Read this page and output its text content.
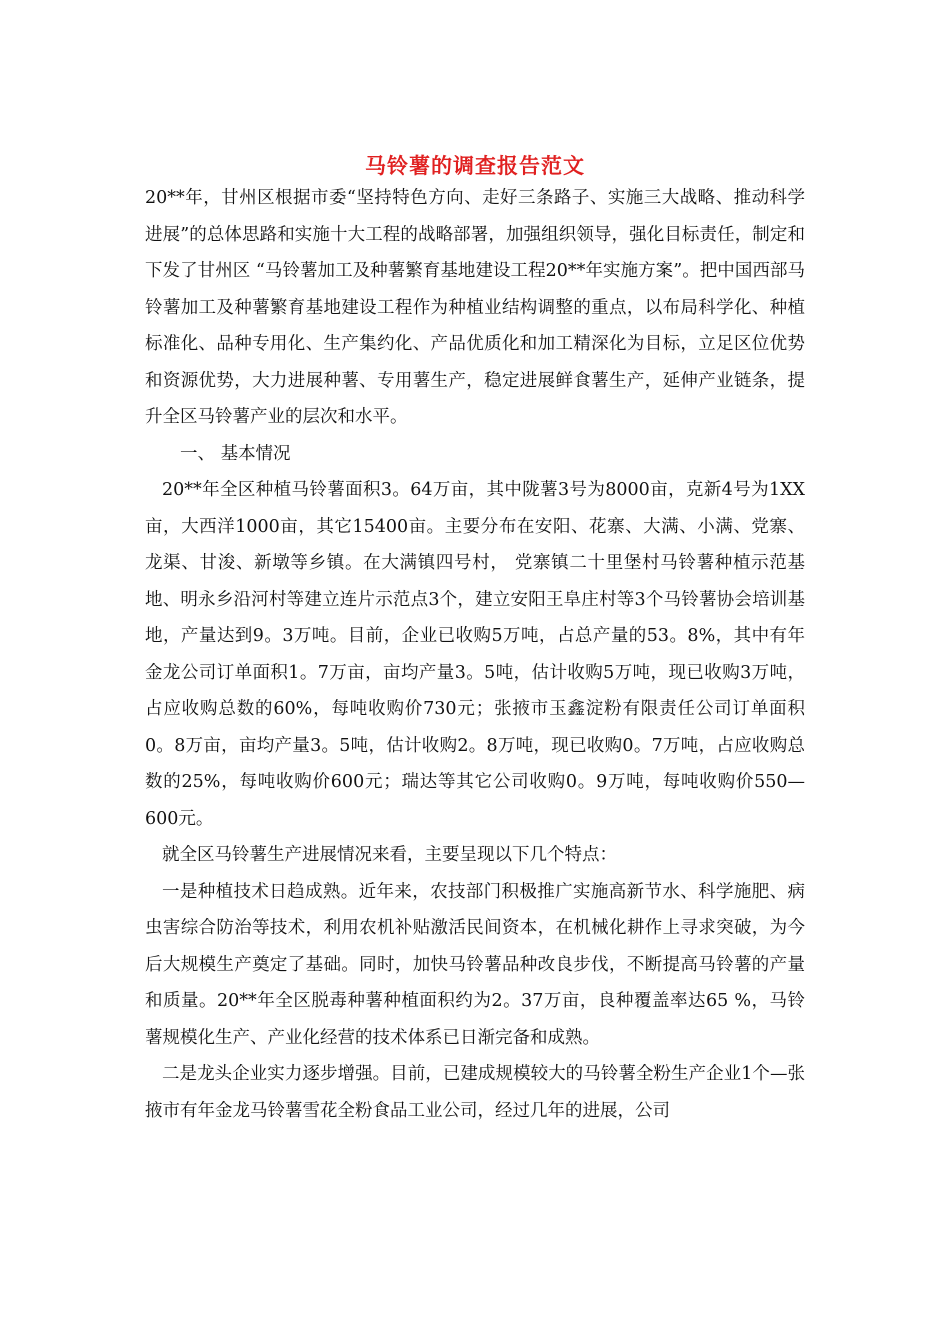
马铃薯的调查报告范文

20**年，甘州区根据市委“坚持特色方向、走好三条路子、实施三大战略、推动科学进展”的总体思路和实施十大工程的战略部署，加强组织领导，强化目标责任，制定和下发了甘州区 “马铃薯加工及种薯繁育基地建设工程20**年实施方案”。把中国西部马铃薯加工及种薯繁育基地建设工程作为种植业结构调整的重点，以布局科学化、种植标准化、品种专用化、生产集约化、产品优质化和加工精深化为目标，立足区位优势和资源优势，大力进展种薯、专用薯生产，稳定进展鲜食薯生产，延伸产业链条，提升全区马铃薯产业的层次和水平。

一、 基本情况

20**年全区种植马铃薯面积3。64万亩，其中陇薯3号为8000亩，克新4号为1XX亩，大西洋1000亩，其它15400亩。主要分布在安阳、花寨、大满、小满、党寨、龙渠、甘浚、新墩等乡镇。在大满镇四号村， 党寨镇二十里堡村马铃薯种植示范基地、明永乡沿河村等建立连片示范点3个，建立安阳王阜庄村等3个马铃薯协会培训基地，产量达到9。3万吨。目前，企业已收购5万吨，占总产量的53。8%，其中有年金龙公司订单面积1。7万亩，亩均产量3。5吨，估计收购5万吨，现已收购3万吨，占应收购总数的60%，每吨收购价730元；张掖市玉鑫淀粉有限责任公司订单面积0。8万亩，亩均产量3。5吨，估计收购2。8万吨，现已收购0。7万吨，占应收购总数的25%，每吨收购价600元；瑞达等其它公司收购0。9万吨，每吨收购价550—600元。

就全区马铃薯生产进展情况来看，主要呈现以下几个特点：

一是种植技术日趋成熟。近年来，农技部门积极推广实施高新节水、科学施肥、病虫害综合防治等技术，利用农机补贴激活民间资本，在机械化耕作上寻求突破，为今后大规模生产奠定了基础。同时，加快马铃薯品种改良步伐，不断提高马铃薯的产量和质量。20**年全区脱毒种薯种植面积约为2。37万亩，良种覆盖率达65 %，马铃薯规模化生产、产业化经营的技术体系已日渐完备和成熟。

二是龙头企业实力逐步增强。目前，已建成规模较大的马铃薯全粉生产企业1个—张掖市有年金龙马铃薯雪花全粉食品工业公司，经过几年的进展，公司
